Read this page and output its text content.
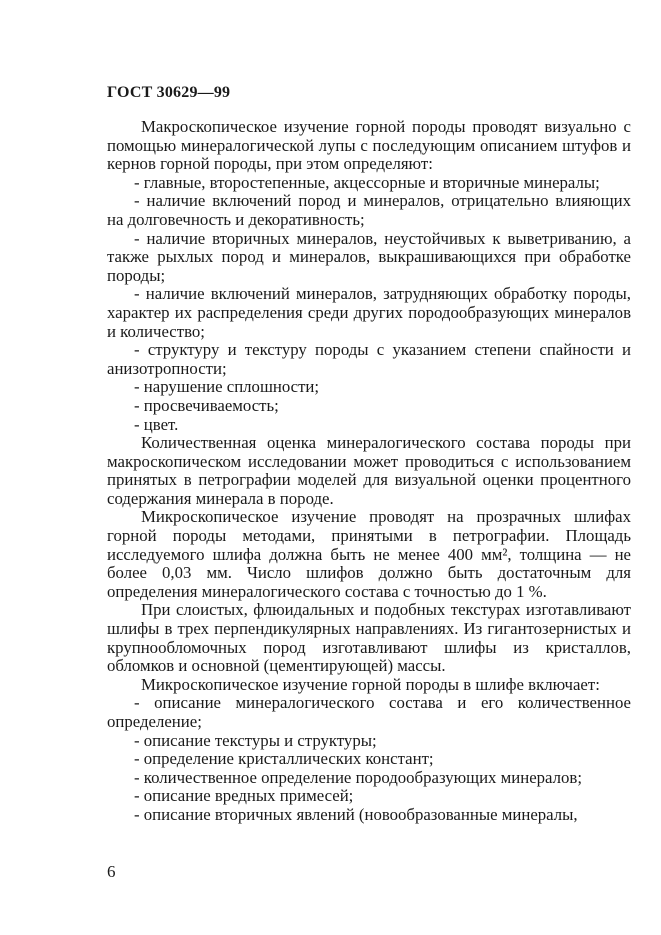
ГОСТ 30629—99

Макроскопическое изучение горной породы проводят визуально с помощью минералогической лупы с последующим описанием штуфов и кернов горной породы, при этом определяют:

- главные, второстепенные, акцессорные и вторичные минералы;

- наличие включений пород и минералов, отрицательно влияющих на долговечность и декоративность;

- наличие вторичных минералов, неустойчивых к выветриванию, а также рыхлых пород и минералов, выкрашивающихся при обработке породы;

- наличие включений минералов, затрудняющих обработку породы, характер их распределения среди других породообразующих минералов и количество;

- структуру и текстуру породы с указанием степени спайности и анизотропности;

- нарушение сплошности;

- просвечиваемость;

- цвет.

Количественная оценка минералогического состава породы при макроскопическом исследовании может проводиться с использованием принятых в петрографии моделей для визуальной оценки процентного содержания минерала в породе.

Микроскопическое изучение проводят на прозрачных шлифах горной породы методами, принятыми в петрографии. Площадь исследуемого шлифа должна быть не менее 400 мм², толщина — не более 0,03 мм. Число шлифов должно быть достаточным для определения минералогического состава с точностью до 1 %.

При слоистых, флюидальных и подобных текстурах изготавливают шлифы в трех перпендикулярных направлениях. Из гигантозернистых и крупнообломочных пород изготавливают шлифы из кристаллов, обломков и основной (цементирующей) массы.

Микроскопическое изучение горной породы в шлифе включает:

- описание минералогического состава и его количественное определение;

- описание текстуры и структуры;

- определение кристаллических констант;

- количественное определение породообразующих минералов;

- описание вредных примесей;

- описание вторичных явлений (новообразованные минералы,

6
